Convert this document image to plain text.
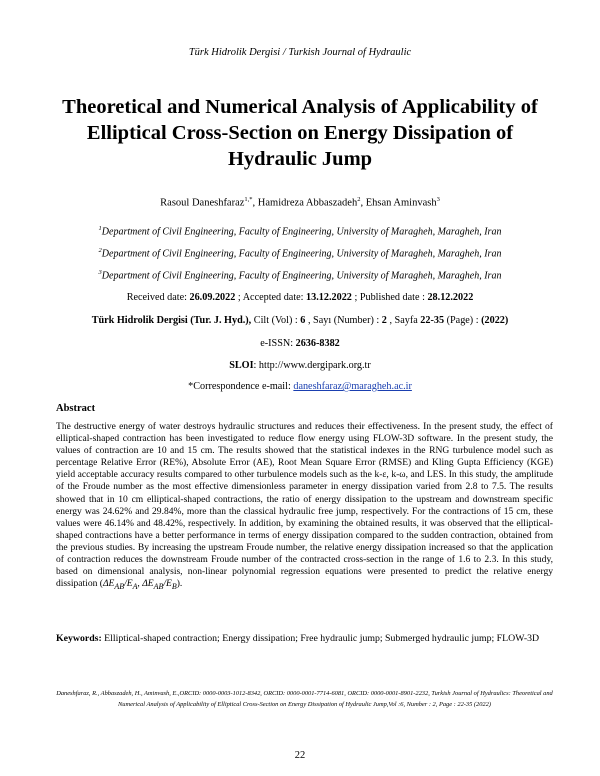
Türk Hidrolik Dergisi / Turkish Journal of Hydraulic
Theoretical and Numerical Analysis of Applicability of Elliptical Cross-Section on Energy Dissipation of Hydraulic Jump
Rasoul Daneshfaraz$^{1,*}$, Hamidreza Abbaszadeh$^2$, Ehsan Aminvash$^3$
$^1$Department of Civil Engineering, Faculty of Engineering, University of Maragheh, Maragheh, Iran
$^2$Department of Civil Engineering, Faculty of Engineering, University of Maragheh, Maragheh, Iran
$^3$Department of Civil Engineering, Faculty of Engineering, University of Maragheh, Maragheh, Iran
Received date: 26.09.2022 ; Accepted date: 13.12.2022 ; Published date : 28.12.2022
Türk Hidrolik Dergisi (Tur. J. Hyd.), Cilt (Vol) : 6 , Sayı (Number) : 2 , Sayfa 22-35 (Page) : (2022)
e-ISSN: 2636-8382
SLOI: http://www.dergipark.org.tr
*Correspondence e-mail: daneshfaraz@maragheh.ac.ir
Abstract
The destructive energy of water destroys hydraulic structures and reduces their effectiveness. In the present study, the effect of elliptical-shaped contraction has been investigated to reduce flow energy using FLOW-3D software. In the present study, the values of contraction are 10 and 15 cm. The results showed that the statistical indexes in the RNG turbulence model such as percentage Relative Error (RE%), Absolute Error (AE), Root Mean Square Error (RMSE) and Kling Gupta Efficiency (KGE) yield acceptable accuracy results compared to other turbulence models such as the k-ε, k-ω, and LES. In this study, the amplitude of the Froude number as the most effective dimensionless parameter in energy dissipation varied from 2.8 to 7.5. The results showed that in 10 cm elliptical-shaped contractions, the ratio of energy dissipation to the upstream and downstream specific energy was 24.62% and 29.84%, more than the classical hydraulic free jump, respectively. For the contractions of 15 cm, these values were 46.14% and 48.42%, respectively. In addition, by examining the obtained results, it was observed that the elliptical-shaped contractions have a better performance in terms of energy dissipation compared to the sudden contraction, obtained from the previous studies. By increasing the upstream Froude number, the relative energy dissipation increased so that the application of contraction reduces the downstream Froude number of the contracted cross-section in the range of 1.6 to 2.3. In this study, based on dimensional analysis, non-linear polynomial regression equations were presented to predict the relative energy dissipation ($\Delta E_{AB}/E_A$, $\Delta E_{AB}/E_B$).
Keywords: Elliptical-shaped contraction; Energy dissipation; Free hydraulic jump; Submerged hydraulic jump; FLOW-3D
Daneshfaraz, R., Abbaszadeh, H., Aminvash, E.,ORCID: 0000-0003-1012-8342, ORCID: 0000-0001-7714-6081, ORCID: 0000-0001-8901-2232, Turkish Journal of Hydraulics: Theoretical and Numerical Analysis of Applicability of Elliptical Cross-Section on Energy Dissipation of Hydraulic Jump,Vol :6, Number : 2, Page : 22-35 (2022)
22
